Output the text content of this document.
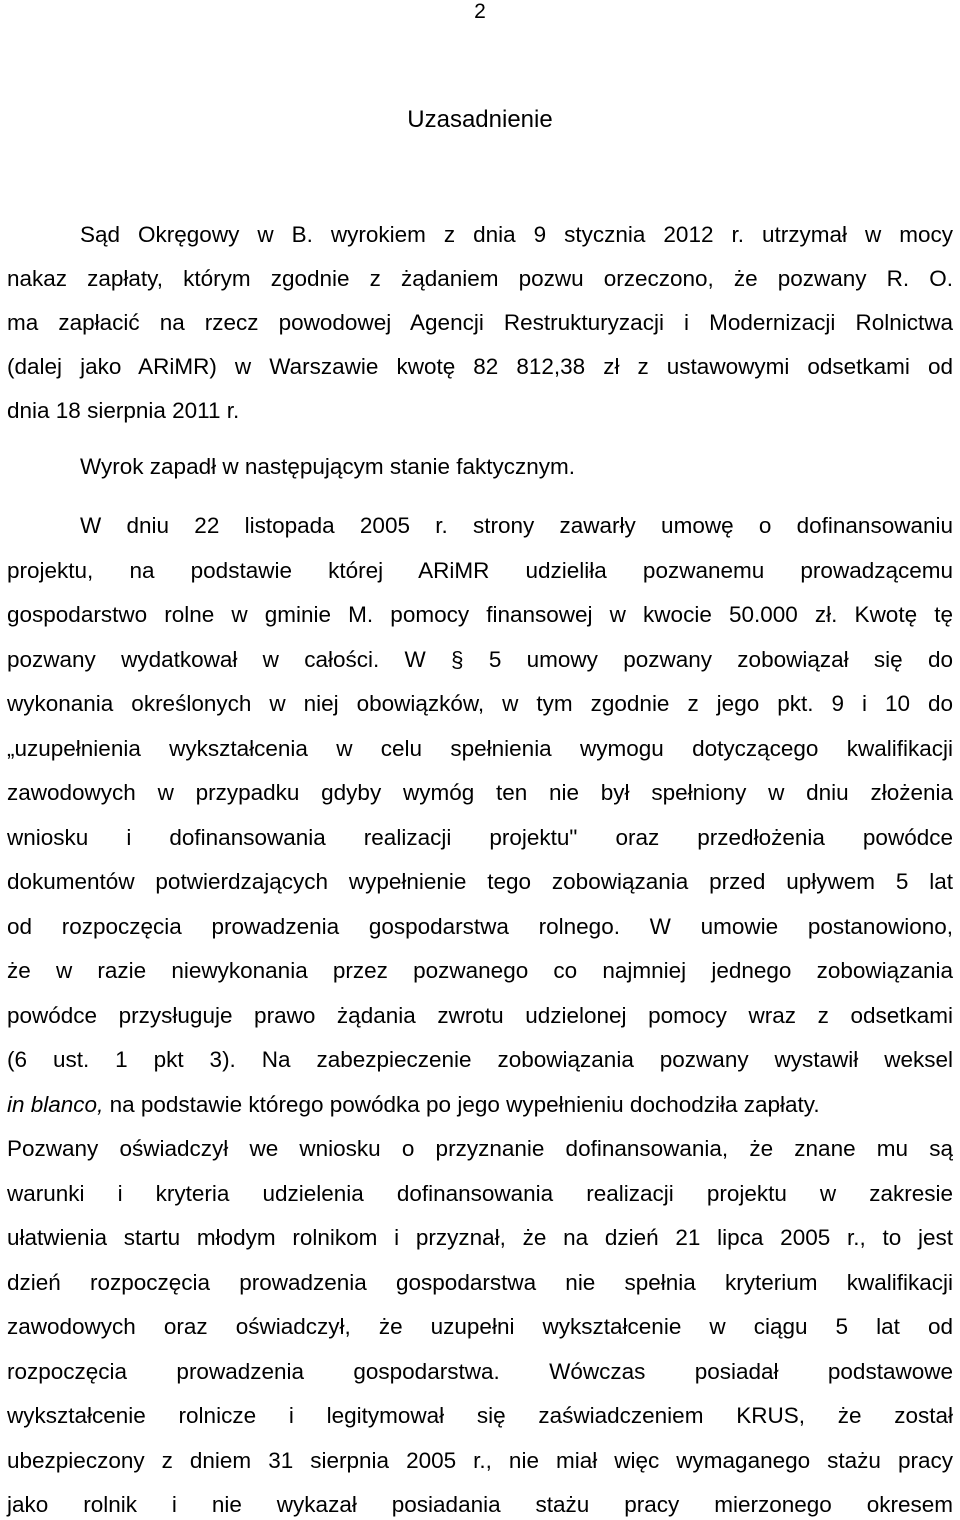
2
Uzasadnienie
Sąd Okręgowy w B. wyrokiem z dnia 9 stycznia 2012 r. utrzymał w mocy
nakaz zapłaty, którym zgodnie z żądaniem pozwu orzeczono, że pozwany R. O.
ma zapłacić na rzecz powodowej Agencji Restrukturyzacji i Modernizacji Rolnictwa
(dalej jako ARiMR) w Warszawie kwotę 82 812,38 zł z ustawowymi odsetkami od
dnia 18 sierpnia 2011 r.
Wyrok zapadł w następującym stanie faktycznym.
W dniu 22 listopada 2005 r. strony zawarły umowę o dofinansowaniu
projektu, na podstawie której ARiMR udzieliła pozwanemu prowadzącemu
gospodarstwo rolne w gminie M. pomocy finansowej w kwocie 50.000 zł. Kwotę tę
pozwany wydatkował w całości. W § 5 umowy pozwany zobowiązał się do
wykonania określonych w niej obowiązków, w tym zgodnie z jego pkt. 9 i 10 do
„uzupełnienia wykształcenia w celu spełnienia wymogu dotyczącego kwalifikacji
zawodowych w przypadku gdyby wymóg ten nie był spełniony w dniu złożenia
wniosku i dofinansowania realizacji projektu" oraz przedłożenia powódce
dokumentów potwierdzających wypełnienie tego zobowiązania przed upływem 5 lat
od rozpoczęcia prowadzenia gospodarstwa rolnego. W umowie postanowiono,
że w razie niewykonania przez pozwanego co najmniej jednego zobowiązania
powódce przysługuje prawo żądania zwrotu udzielonej pomocy wraz z odsetkami
(6 ust. 1 pkt 3). Na zabezpieczenie zobowiązania pozwany wystawił weksel
in blanco, na podstawie którego powódka po jego wypełnieniu dochodziła zapłaty.
Pozwany oświadczył we wniosku o przyznanie dofinansowania, że znane mu są
warunki i kryteria udzielenia dofinansowania realizacji projektu w zakresie
ułatwienia startu młodym rolnikom i przyznał, że na dzień 21 lipca 2005 r., to jest
dzień rozpoczęcia prowadzenia gospodarstwa nie spełnia kryterium kwalifikacji
zawodowych oraz oświadczył, że uzupełni wykształcenie w ciągu 5 lat od
rozpoczęcia prowadzenia gospodarstwa. Wówczas posiadał podstawowe
wykształcenie rolnicze i legitymował się zaświadczeniem KRUS, że został
ubezpieczony z dniem 31 sierpnia 2005 r., nie miał więc wymaganego stażu pracy
jako rolnik i nie wykazał posiadania stażu pracy mierzonego okresem
